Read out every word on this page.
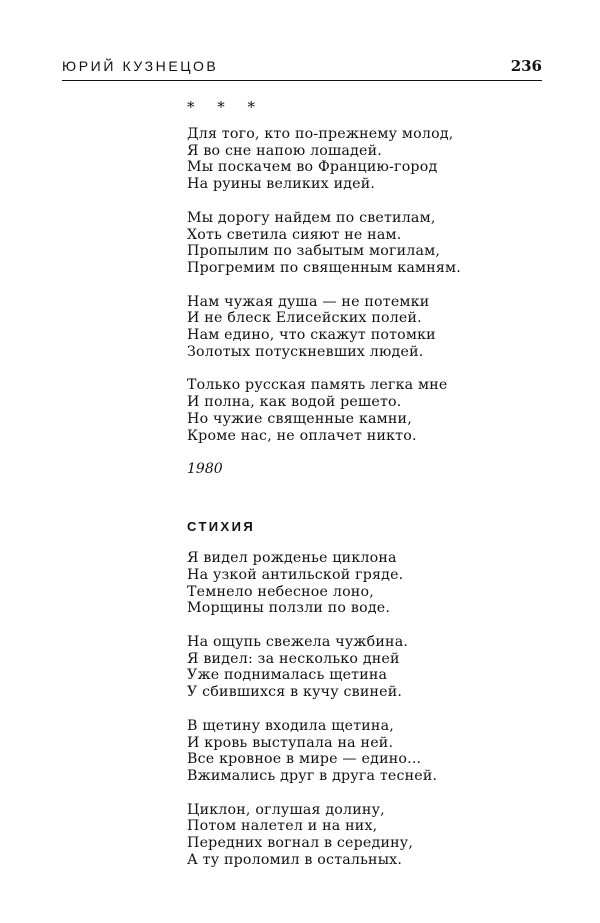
ЮРИЙ КУЗНЕЦОВ	236
* * *
Для того, кто по-прежнему молод,
Я во сне напою лошадей.
Мы поскачем во Францию-город
На руины великих идей.
Мы дорогу найдем по светилам,
Хоть светила сияют не нам.
Пропылим по забытым могилам,
Прогремим по священным камням.
Нам чужая душа — не потемки
И не блеск Елисейских полей.
Нам едино, что скажут потомки
Золотых потускневших людей.
Только русская память легка мне
И полна, как водой решето.
Но чужие священные камни,
Кроме нас, не оплачет никто.
1980
СТИХИЯ
Я видел рожденье циклона
На узкой антильской гряде.
Темнело небесное лоно,
Морщины ползли по воде.
На ощупь свежела чужбина.
Я видел: за несколько дней
Уже поднималась щетина
У сбившихся в кучу свиней.
В щетину входила щетина,
И кровь выступала на ней.
Все кровное в мире — едино...
Вжимались друг в друга тесней.
Циклон, оглушая долину,
Потом налетел и на них,
Передних вогнал в середину,
А ту проломил в остальных.
